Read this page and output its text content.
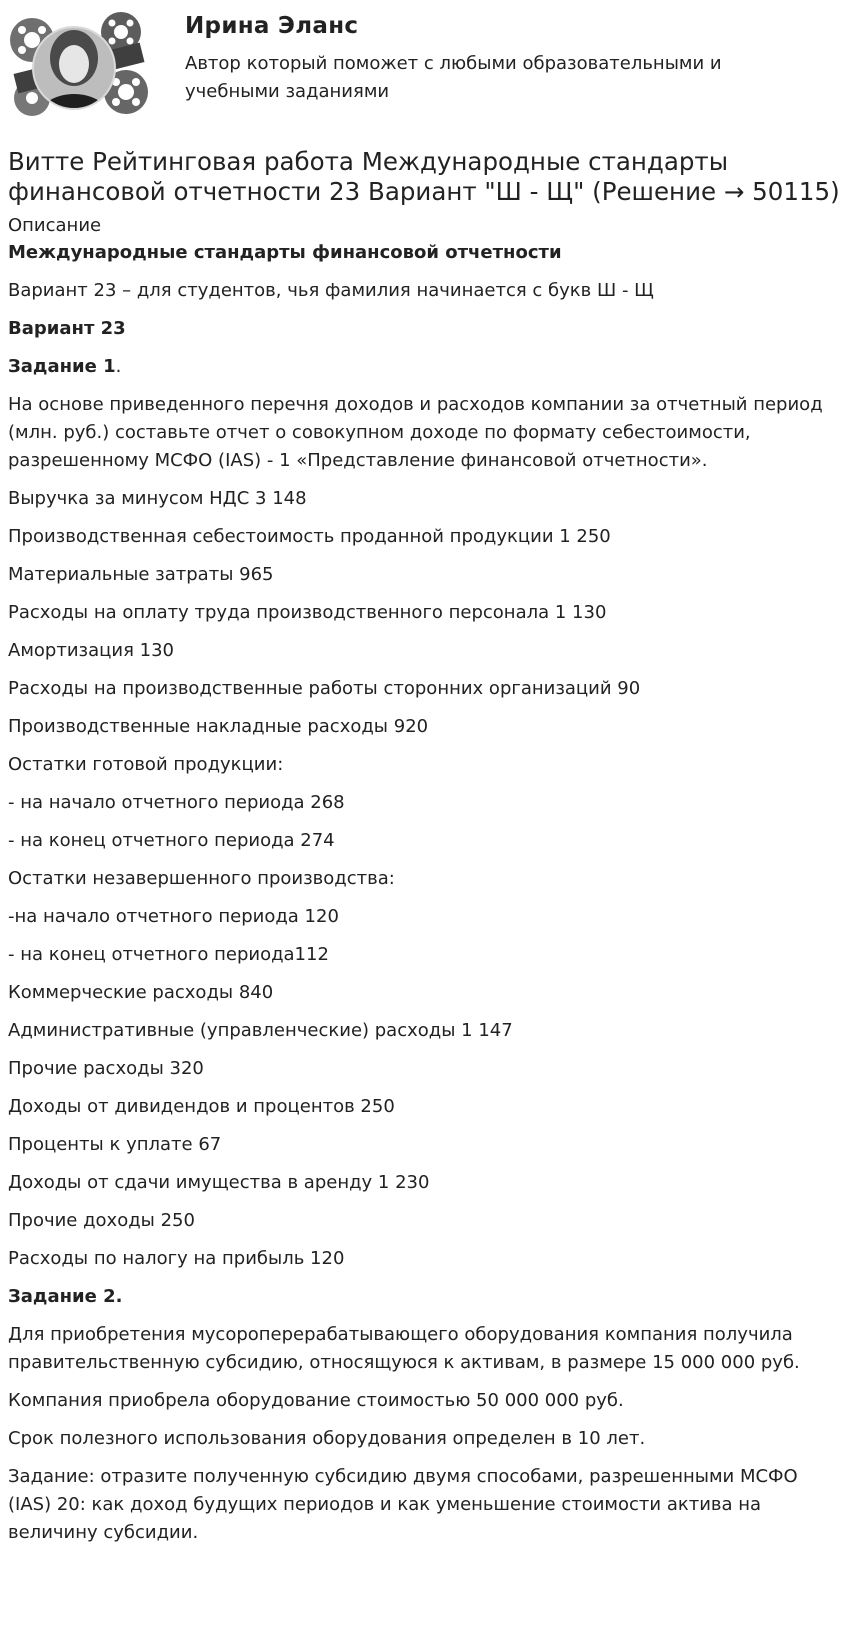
Ирина Эланс
Автор который поможет с любыми образовательными и учебными заданиями
Витте Рейтинговая работа Международные стандарты финансовой отчетности 23 Вариант "Ш - Щ" (Решение → 50115)
Описание

Международные стандарты финансовой отчетности

Вариант 23 – для студентов, чья фамилия начинается с букв Ш - Щ

Вариант 23

Задание 1.

На основе приведенного перечня доходов и расходов компании за отчетный период (млн. руб.) составьте отчет о совокупном доходе по формату себестоимости, разрешенному МСФО (IAS) - 1 «Представление финансовой отчетности».

Выручка за минусом НДС 3 148

Производственная себестоимость проданной продукции 1 250

Материальные затраты 965

Расходы на оплату труда производственного персонала 1 130

Амортизация 130

Расходы на производственные работы сторонних организаций 90

Производственные накладные расходы 920

Остатки готовой продукции:

- на начало отчетного периода 268

- на конец отчетного периода 274

Остатки незавершенного производства:

-на начало отчетного периода 120

- на конец отчетного периода112

Коммерческие расходы 840

Административные (управленческие) расходы 1 147

Прочие расходы 320

Доходы от дивидендов и процентов 250

Проценты к уплате 67

Доходы от сдачи имущества в аренду 1 230

Прочие доходы 250

Расходы по налогу на прибыль 120

Задание 2.

Для приобретения мусороперерабатывающего оборудования компания получила правительственную субсидию, относящуюся к активам, в размере 15 000 000 руб.

Компания приобрела оборудование стоимостью 50 000 000 руб.

Срок полезного использования оборудования определен в 10 лет.

Задание: отразите полученную субсидию двумя способами, разрешенными МСФО (IAS) 20: как доход будущих периодов и как уменьшение стоимости актива на величину субсидии.
